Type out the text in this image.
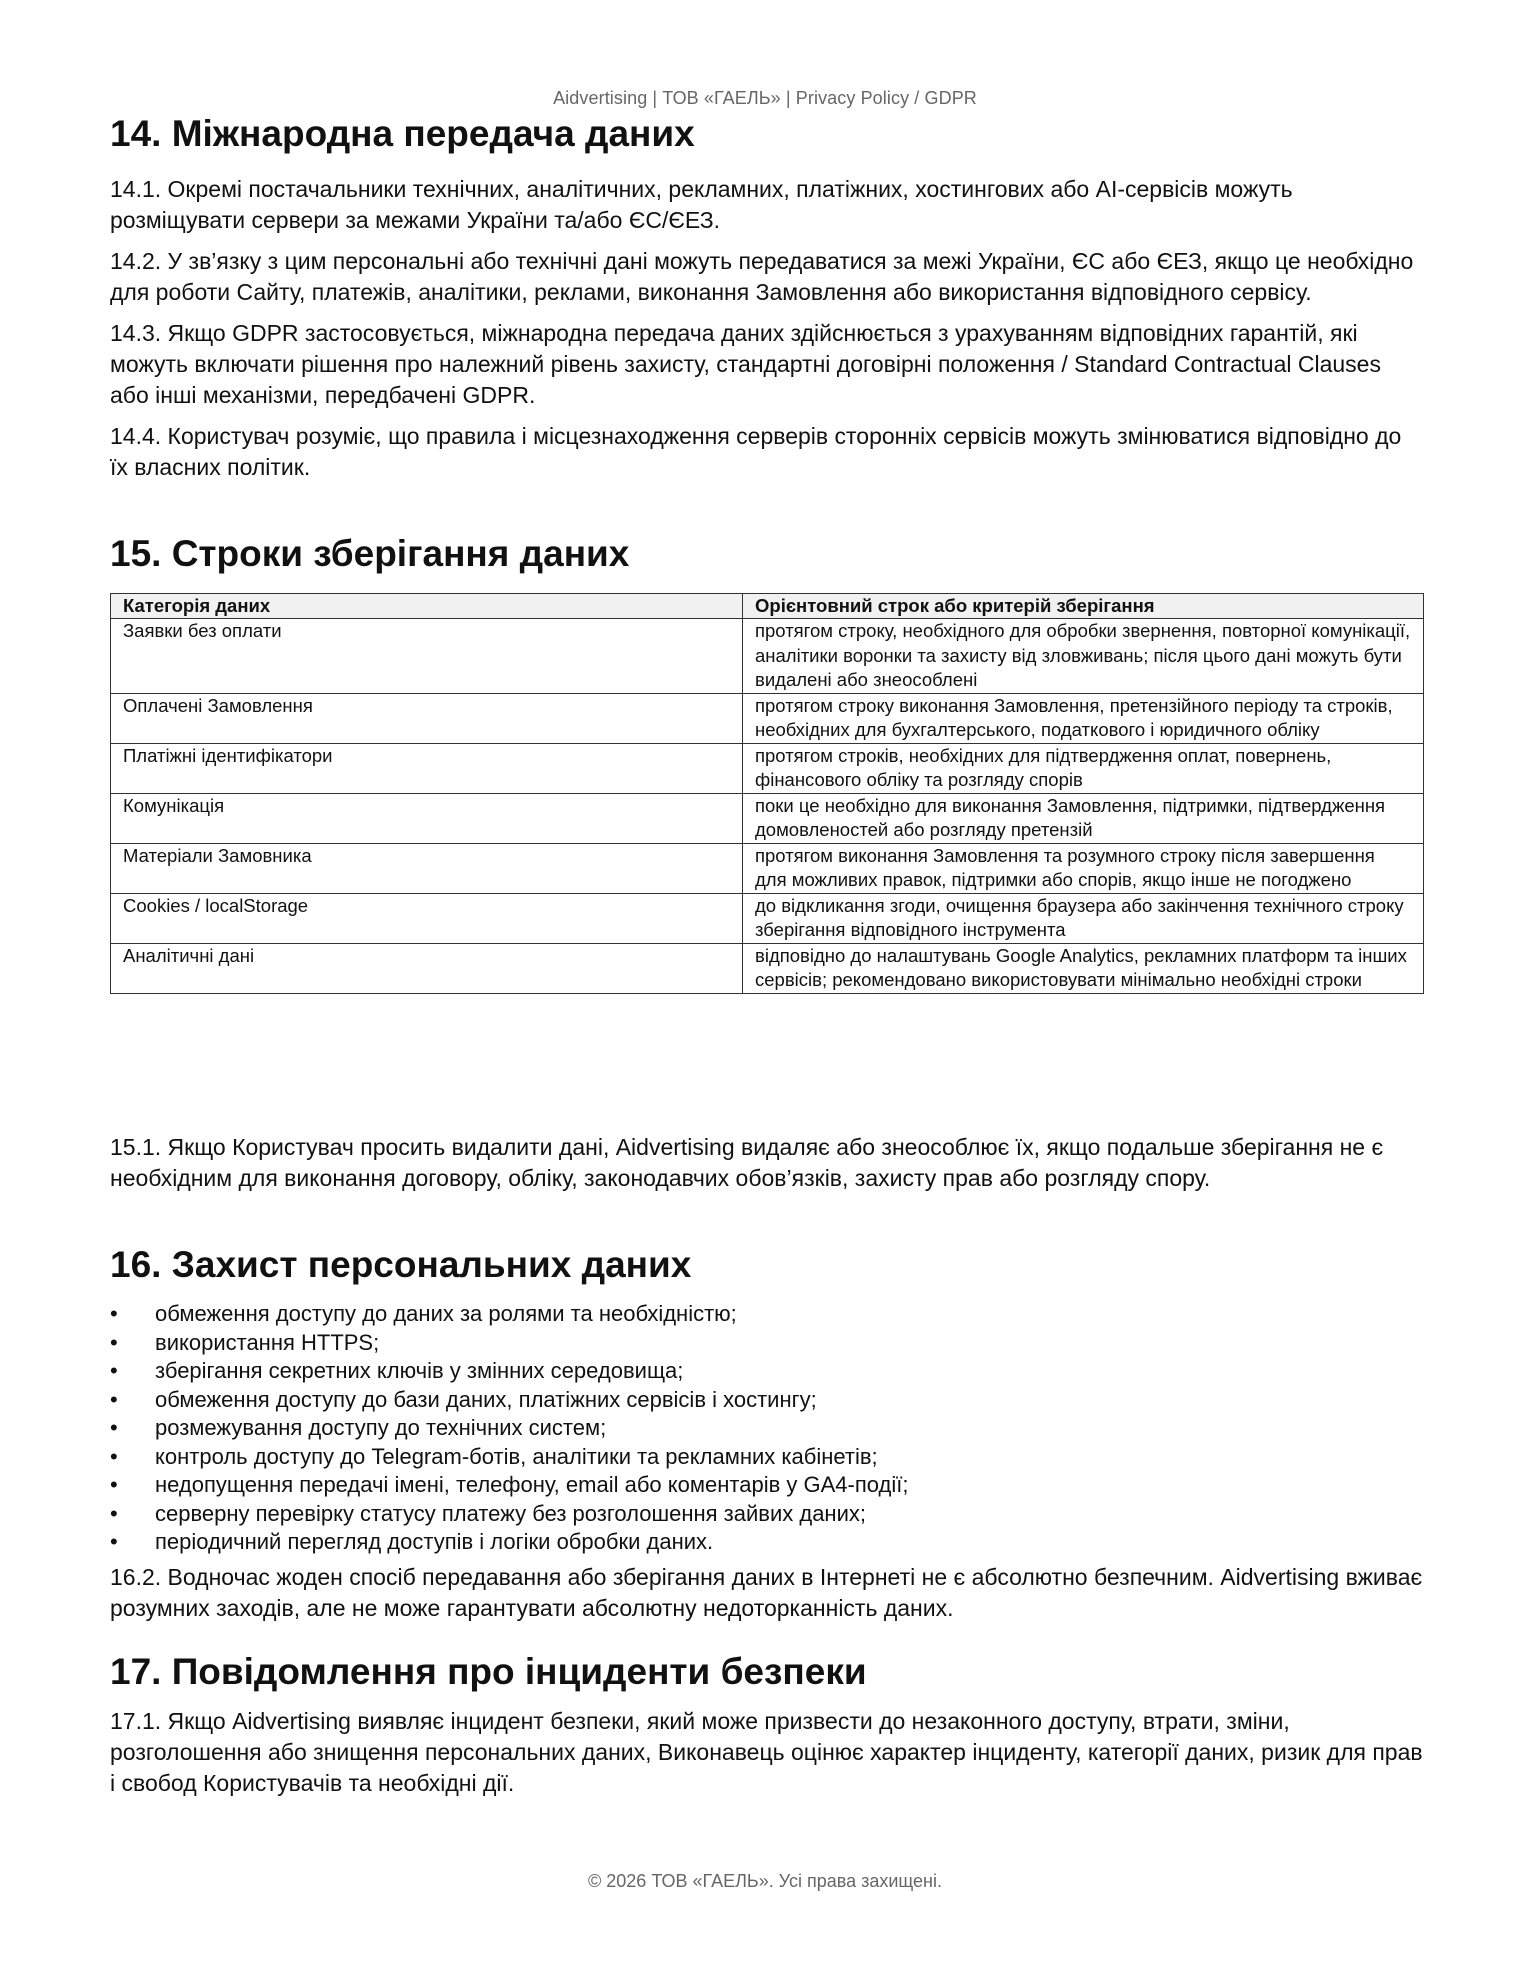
Aidvertising | ТОВ «ГАЕЛЬ» | Privacy Policy / GDPR
14. Міжнародна передача даних

14.1. Окремі постачальники технічних, аналітичних, рекламних, платіжних, хостингових або AI-сервісів можуть розміщувати сервери за межами України та/або ЄС/ЄЕЗ.

14.2. У зв’язку з цим персональні або технічні дані можуть передаватися за межі України, ЄС або ЄЕЗ, якщо це необхідно для роботи Сайту, платежів, аналітики, реклами, виконання Замовлення або використання відповідного сервісу.

14.3. Якщо GDPR застосовується, міжнародна передача даних здійснюється з урахуванням відповідних гарантій, які можуть включати рішення про належний рівень захисту, стандартні договірні положення / Standard Contractual Clauses або інші механізми, передбачені GDPR.

14.4. Користувач розуміє, що правила і місцезнаходження серверів сторонніх сервісів можуть змінюватися відповідно до їх власних політик.

15. Строки зберігання даних
Категорія даних	Орієнтовний строк або критерій зберігання
Заявки без оплати	протягом строку, необхідного для обробки звернення, повторної комунікації, аналітики воронки та захисту від зловживань; після цього дані можуть бути видалені або знеособлені
Оплачені Замовлення	протягом строку виконання Замовлення, претензійного періоду та строків, необхідних для бухгалтерського, податкового і юридичного обліку
Платіжні ідентифікатори	протягом строків, необхідних для підтвердження оплат, повернень, фінансового обліку та розгляду спорів
Комунікація	поки це необхідно для виконання Замовлення, підтримки, підтвердження домовленостей або розгляду претензій
Матеріали Замовника	протягом виконання Замовлення та розумного строку після завершення для можливих правок, підтримки або спорів, якщо інше не погоджено
Cookies / localStorage	до відкликання згоди, очищення браузера або закінчення технічного строку зберігання відповідного інструмента
Аналітичні дані	відповідно до налаштувань Google Analytics, рекламних платформ та інших сервісів; рекомендовано використовувати мінімально необхідні строки

15.1. Якщо Користувач просить видалити дані, Aidvertising видаляє або знеособлює їх, якщо подальше зберігання не є необхідним для виконання договору, обліку, законодавчих обов’язків, захисту прав або розгляду спору.

16. Захист персональних даних
• обмеження доступу до даних за ролями та необхідністю;
• використання HTTPS;
• зберігання секретних ключів у змінних середовища;
• обмеження доступу до бази даних, платіжних сервісів і хостингу;
• розмежування доступу до технічних систем;
• контроль доступу до Telegram-ботів, аналітики та рекламних кабінетів;
• недопущення передачі імені, телефону, email або коментарів у GA4-події;
• серверну перевірку статусу платежу без розголошення зайвих даних;
• періодичний перегляд доступів і логіки обробки даних.

16.2. Водночас жоден спосіб передавання або зберігання даних в Інтернеті не є абсолютно безпечним. Aidvertising вживає розумних заходів, але не може гарантувати абсолютну недоторканність даних.

17. Повідомлення про інциденти безпеки

17.1. Якщо Aidvertising виявляє інцидент безпеки, який може призвести до незаконного доступу, втрати, зміни, розголошення або знищення персональних даних, Виконавець оцінює характер інциденту, категорії даних, ризик для прав і свобод Користувачів та необхідні дії.

© 2026 ТОВ «ГАЕЛЬ». Усі права захищені.
